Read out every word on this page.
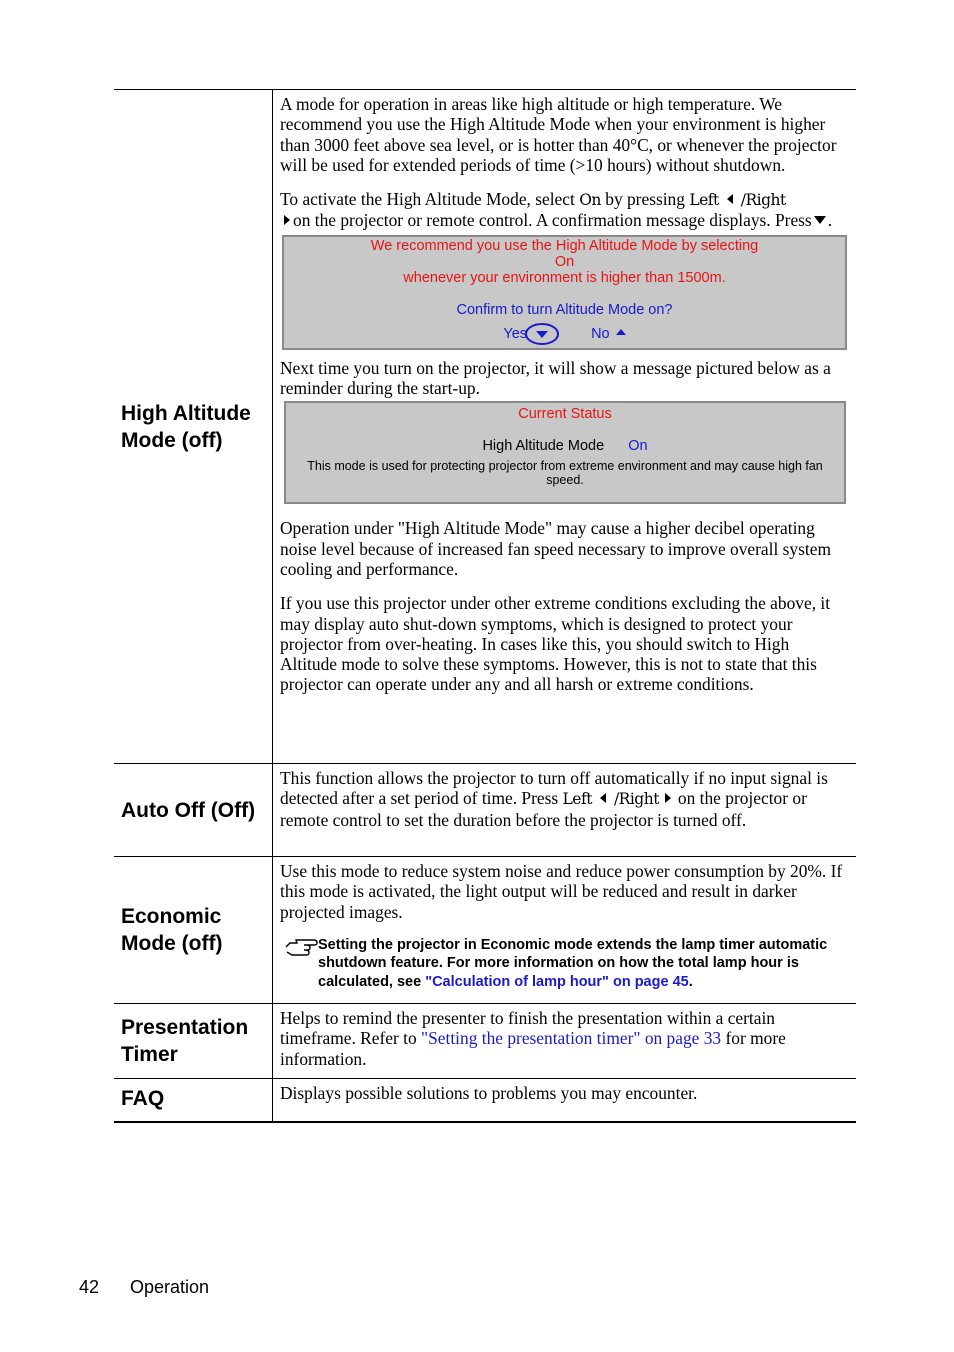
High Altitude Mode (off)

A mode for operation in areas like high altitude or high temperature. We recommend you use the High Altitude Mode when your environment is higher than 3000 feet above sea level, or is hotter than 40°C, or whenever the projector will be used for extended periods of time (>10 hours) without shutdown.

To activate the High Altitude Mode, select On by pressing Left /Right
on the projector or remote control. A confirmation message displays. Press .

We recommend you use the High Altitude Mode by selecting
On
whenever your environment is higher than 1500m.
Confirm to turn Altitude Mode on?
Yes	No

Next time you turn on the projector, it will show a message pictured below as a reminder during the start-up.

Current Status
High Altitude Mode On
This mode is used for protecting projector from extreme environment and may cause high fan speed.

Operation under "High Altitude Mode" may cause a higher decibel operating noise level because of increased fan speed necessary to improve overall system cooling and performance.

If you use this projector under other extreme conditions excluding the above, it may display auto shut-down symptoms, which is designed to protect your projector from over-heating. In cases like this, you should switch to High Altitude mode to solve these symptoms. However, this is not to state that this projector can operate under any and all harsh or extreme conditions.

Auto Off (Off)

This function allows the projector to turn off automatically if no input signal is detected after a set period of time. Press Left /Right on the projector or remote control to set the duration before the projector is turned off.

Economic Mode (off)

Use this mode to reduce system noise and reduce power consumption by 20%. If this mode is activated, the light output will be reduced and result in darker projected images.

Setting the projector in Economic mode extends the lamp timer automatic shutdown feature. For more information on how the total lamp hour is calculated, see "Calculation of lamp hour" on page 45.
Presentation Timer

Helps to remind the presenter to finish the presentation within a certain timeframe. Refer to "Setting the presentation timer" on page 33 for more information.

FAQ	Displays possible solutions to problems you may encounter.

42 Operation
